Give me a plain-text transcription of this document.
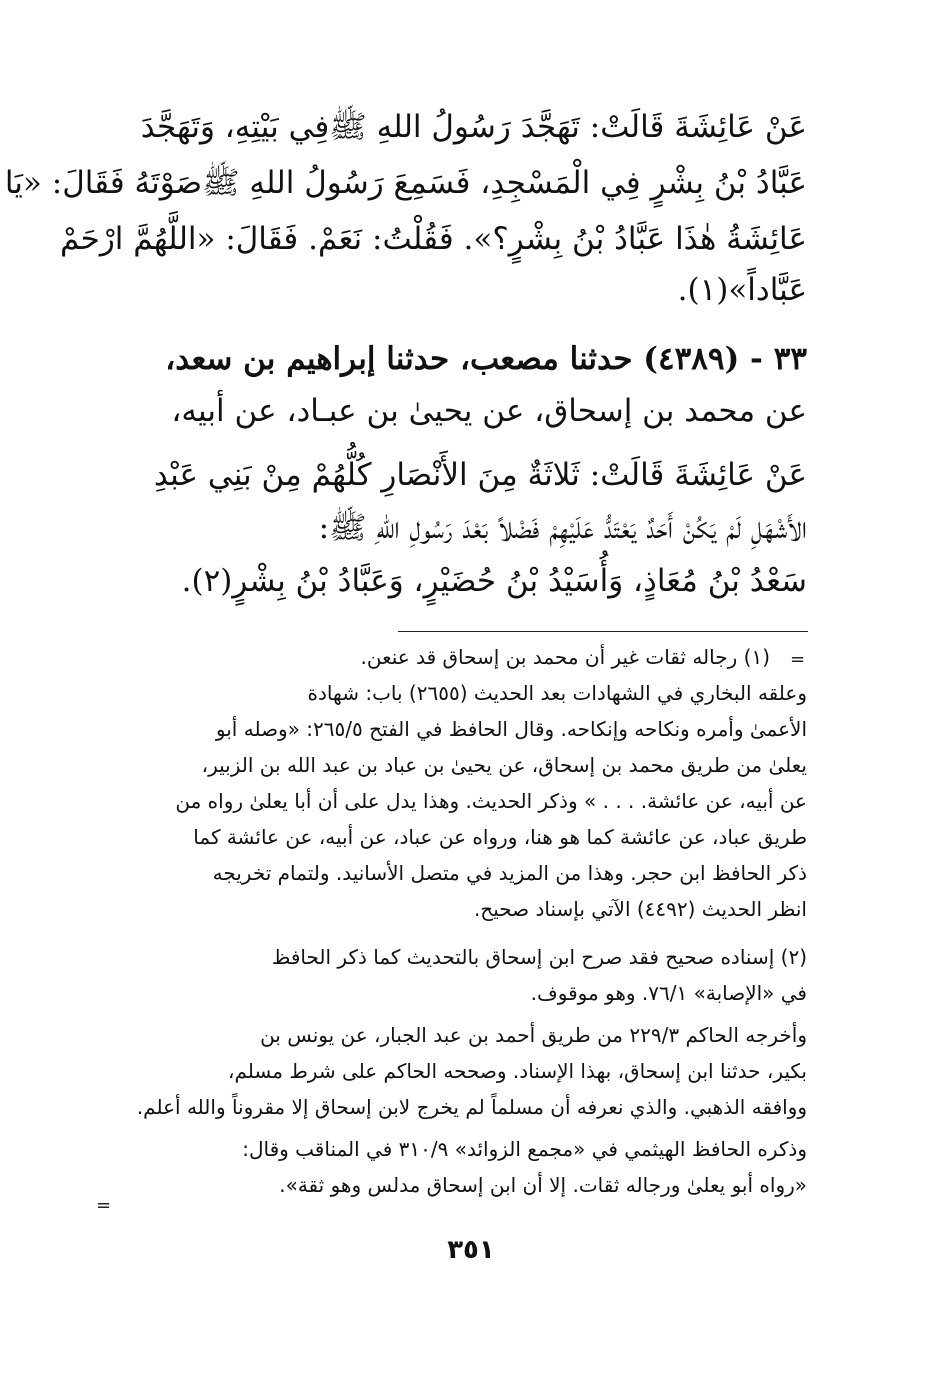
عَنْ عَائِشَةَ قَالَتْ: تَهَجَّدَ رَسُولُ اللهِ ﷺفِي بَيْتِهِ، وَتَهَجَّدَ
عَبَّادُ بْنُ بِشْرٍ فِي الْمَسْجِدِ، فَسَمِعَ رَسُولُ اللهِ ﷺصَوْتَهُ فَقَالَ: «يَا
عَائِشَةُ هٰذَا عَبَّادُ بْنُ بِشْرٍ؟». فَقُلْتُ: نَعَمْ. فَقَالَ: «اللَّهُمَّ ارْحَمْ
عَبَّاداً»(١).
٣٣ - (٤٣٨٩) حدثنا مصعب، حدثنا إبراهيم بن سعد،
عن محمد بن إسحاق، عن يحيىٰ بن عبـاد، عن أبيه،
عَنْ عَائِشَةَ قَالَتْ: ثَلاثَةٌ مِنَ الأَنْصَارِ كُلُّهُمْ مِنْ بَنِي عَبْدِ
الأَشْهَلِ لَمْ يَكُنْ أَحَدٌ يَعْتَدُّ عَلَيْهِمْ فَضْلاً بَعْدَ رَسُولِ اللهِ ﷺ:
سَعْدُ بْنُ مُعَاذٍ، وَأُسَيْدُ بْنُ حُضَيْرٍ، وَعَبَّادُ بْنُ بِشْرٍ(٢).
=
(١) رجاله ثقات غير أن محمد بن إسحاق قد عنعن.
وعلقه البخاري في الشهادات بعد الحديث (٢٦٥٥) باب: شهادة
الأعمىٰ وأمره ونكاحه وإنكاحه. وقال الحافظ في الفتح ٢٦٥/٥: «وصله أبو
يعلىٰ من طريق محمد بن إسحاق، عن يحيىٰ بن عباد بن عبد الله بن الزبير،
عن أبيه، عن عائشة. . . . » وذكر الحديث. وهذا يدل على أن أبا يعلىٰ رواه من
طريق عباد، عن عائشة كما هو هنا، ورواه عن عباد، عن أبيه، عن عائشة كما
ذكر الحافظ ابن حجر. وهذا من المزيد في متصل الأسانيد. ولتمام تخريجه
انظر الحديث (٤٤٩٢) الآتي بإسناد صحيح.
(٢) إسناده صحيح فقد صرح ابن إسحاق بالتحديث كما ذكر الحافظ
في «الإصابة» ٧٦/١. وهو موقوف.
وأخرجه الحاكم ٢٢٩/٣ من طريق أحمد بن عبد الجبار، عن يونس بن
بكير، حدثنا ابن إسحاق، بهذا الإسناد. وصححه الحاكم على شرط مسلم،
ووافقه الذهبي. والذي نعرفه أن مسلماً لم يخرج لابن إسحاق إلا مقروناً والله أعلم.
وذكره الحافظ الهيثمي في «مجمع الزوائد» ٣١٠/٩ في المناقب وقال:
«رواه أبو يعلىٰ ورجاله ثقات. إلا أن ابن إسحاق مدلس وهو ثقة».
=
٣٥١
